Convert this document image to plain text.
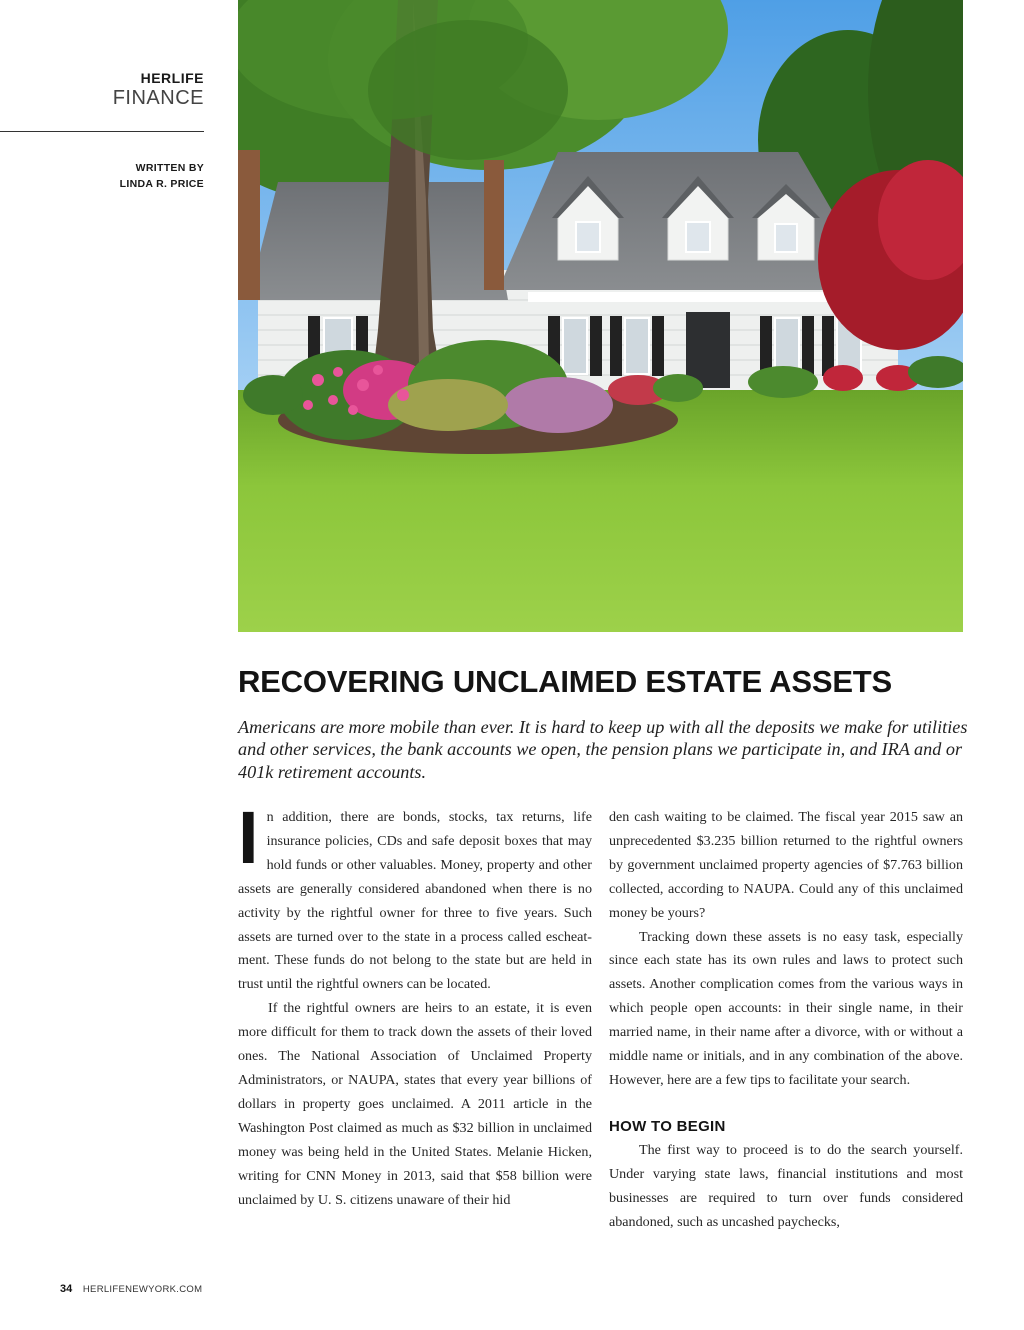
HERLIFE
FINANCE
WRITTEN BY
LINDA R. PRICE
RECOVERING UNCLAIMED ESTATE ASSETS

Americans are more mobile than ever. It is hard to keep up with all the deposits we make for utilities and other services, the bank accounts we open, the pension plans we participate in, and IRA and or 401k retirement accounts.

In addition, there are bonds, stocks, tax returns, life insurance policies, CDs and safe deposit boxes that may hold funds or other valuables. Money, property and other assets are generally considered abandoned when there is no activity by the rightful owner for three to five years. Such assets are turned over to the state in a process called escheatment. These funds do not belong to the state but are held in trust until the rightful owners can be located.

If the rightful owners are heirs to an estate, it is even more difficult for them to track down the assets of their loved ones. The National Association of Unclaimed Property Administrators, or NAUPA, states that every year billions of dollars in property goes unclaimed. A 2011 article in the Washington Post claimed as much as $32 billion in unclaimed money was being held in the United States. Melanie Hicken, writing for CNN Money in 2013, said that $58 billion were unclaimed by U. S. citizens unaware of their hid

den cash waiting to be claimed. The fiscal year 2015 saw an unprecedented $3.235 billion returned to the rightful owners by government unclaimed property agencies of $7.763 billion collected, according to NAUPA. Could any of this unclaimed money be yours?

Tracking down these assets is no easy task, especially since each state has its own rules and laws to protect such assets. Another complication comes from the various ways in which people open accounts: in their single name, in their married name, in their name after a divorce, with or without a middle name or initials, and in any combination of the above. However, here are a few tips to facilitate your search.

HOW TO BEGIN

The first way to proceed is to do the search yourself. Under varying state laws, financial institutions and most businesses are required to turn over funds considered abandoned, such as uncashed paychecks,

34 HERLIFENEWYORK.COM
